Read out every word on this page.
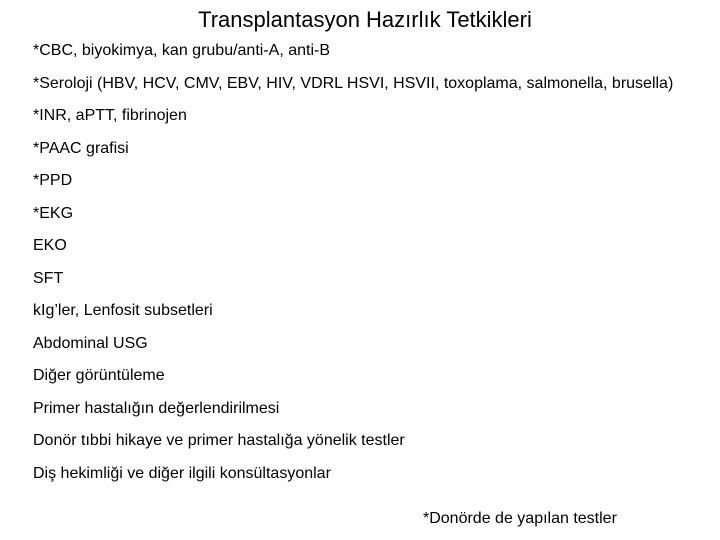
Transplantasyon Hazırlık Tetkikleri
*CBC, biyokimya, kan grubu/anti-A, anti-B
*Seroloji (HBV, HCV, CMV, EBV, HIV, VDRL HSVI, HSVII, toxoplama, salmonella, brusella)
*INR, aPTT, fibrinojen
*PAAC grafisi
*PPD
*EKG
EKO
SFT
kIg’ler, Lenfosit subsetleri
Abdominal USG
Diğer görüntüleme
Primer hastalığın değerlendirilmesi
Donör tıbbi hikaye ve primer hastalığa yönelik testler
Diş hekimliği ve diğer ilgili konsültasyonlar
*Donörde de yapılan testler
